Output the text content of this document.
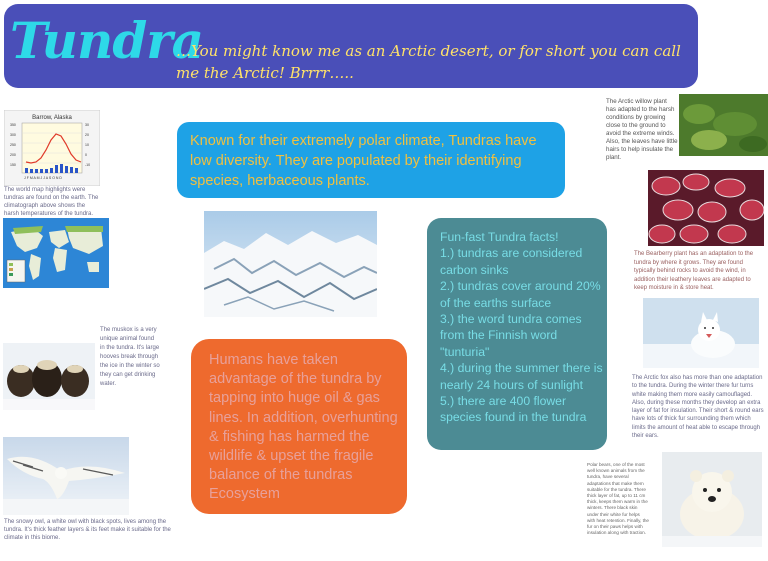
Tundra
…You might know me as an Arctic desert, or for short you can call me the Arctic! Brrrr…..
Barrow, Alaska
350
300
250
200
150
30
20
10
0
-10
J F M A M J J A S O N D
The world map highlights were tundras are found on the earth. The climatograph above shows the harsh temperatures of the tundra.
The muskox is a very unique animal found in the tundra. It's large hooves break through the ice in the winter so they can get drinking water.
The snowy owl, a white owl with black spots, lives among the tundra. It's thick feather layers & its feet make it suitable for the climate in this biome.
Known for their extremely polar climate, Tundras have low diversity. They are populated by their identifying species, herbaceous plants.
Humans have taken advantage of the tundra by tapping into huge oil & gas lines. In addition, overhunting & fishing has harmed the wildlife & upset the fragile balance of the tundras Ecosystem
Fun-fast Tundra facts!
1.) tundras are considered carbon sinks
2.) tundras cover around 20% of the earths surface
3.) the word tundra comes from the Finnish word "tunturia"
4.) during the summer there is nearly 24 hours of sunlight
5.) there are 400 flower species found in the tundra
The Arctic willow plant has adapted to the harsh conditions by growing close to the ground to avoid the extreme winds. Also, the leaves have little hairs to help insulate the plant.
The Bearberry plant has an adaptation to the tundra by where it grows. They are found typically behind rocks to avoid the wind, in addition their leathery leaves are adapted to keep moisture in & store heat.
The Arctic fox also has more than one adaptation to the tundra. During the winter there fur turns white making them more easily camouflaged. Also, during these months they develop an extra layer of fat for insulation. Their short & round ears have lots of thick fur surrounding them which limits the amount of heat able to escape through their ears.
Polar bears, one of the most well known animals from the tundra, have several adaptations that make them suitable for the tundra. There thick layer of fat, up to 11 cm thick, keeps them warm in the winters. There black skin under their white fur helps with heat retention. Finally, the fur on their paws helps with insulation along with traction.
